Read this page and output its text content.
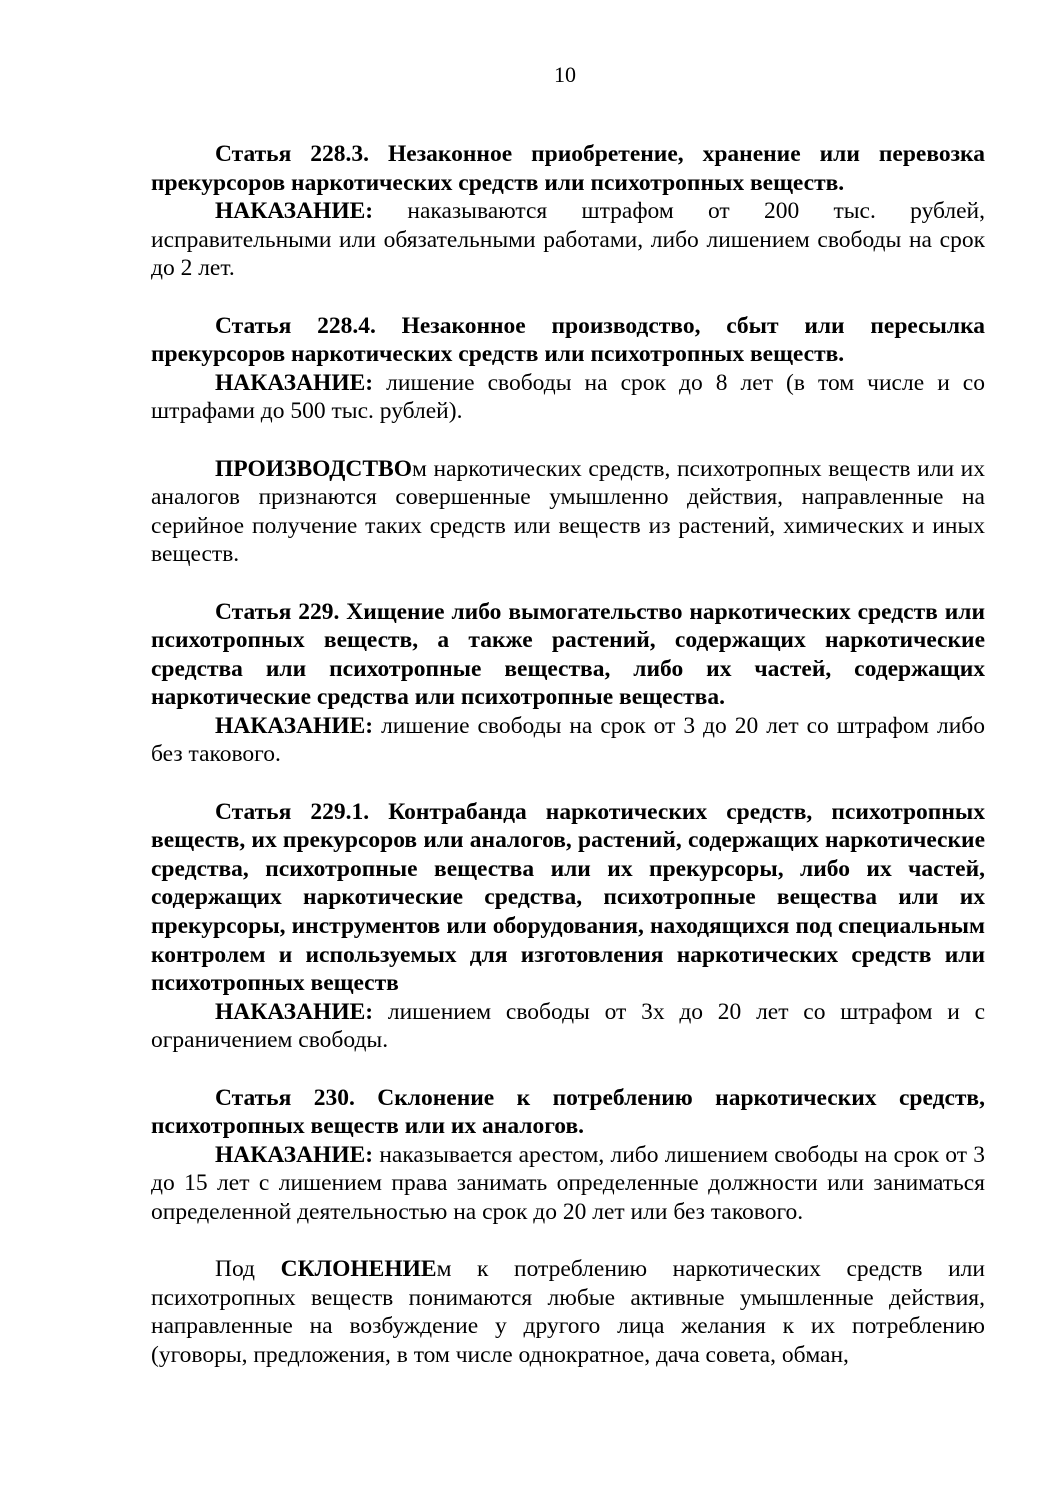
10

Статья 228.3. Незаконное приобретение, хранение или перевозка прекурсоров наркотических средств или психотропных веществ.

НАКАЗАНИЕ: наказываются штрафом от 200 тыс. рублей, исправительными или обязательными работами, либо лишением свободы на срок до 2 лет.

Статья 228.4. Незаконное производство, сбыт или пересылка прекурсоров наркотических средств или психотропных веществ.

НАКАЗАНИЕ: лишение свободы на срок до 8 лет (в том числе и со штрафами до 500 тыс. рублей).

ПРОИЗВОДСТВОм наркотических средств, психотропных веществ или их аналогов признаются совершенные умышленно действия, направленные на серийное получение таких средств или веществ из растений, химических и иных веществ.

Статья 229. Хищение либо вымогательство наркотических средств или психотропных веществ, а также растений, содержащих наркотические средства или психотропные вещества, либо их частей, содержащих наркотические средства или психотропные вещества.

НАКАЗАНИЕ: лишение свободы на срок от 3 до 20 лет со штрафом либо без такового.

Статья 229.1. Контрабанда наркотических средств, психотропных веществ, их прекурсоров или аналогов, растений, содержащих наркотические средства, психотропные вещества или их прекурсоры, либо их частей, содержащих наркотические средства, психотропные вещества или их прекурсоры, инструментов или оборудования, находящихся под специальным контролем и используемых для изготовления наркотических средств или психотропных веществ

НАКАЗАНИЕ: лишением свободы от 3х до 20 лет со штрафом и с ограничением свободы.

Статья 230. Склонение к потреблению наркотических средств, психотропных веществ или их аналогов.

НАКАЗАНИЕ: наказывается арестом, либо лишением свободы на срок от 3 до 15 лет с лишением права занимать определенные должности или заниматься определенной деятельностью на срок до 20 лет или без такового.

Под СКЛОНЕНИЕм к потреблению наркотических средств или психотропных веществ понимаются любые активные умышленные действия, направленные на возбуждение у другого лица желания к их потреблению (уговоры, предложения, в том числе однократное, дача совета, обман,
